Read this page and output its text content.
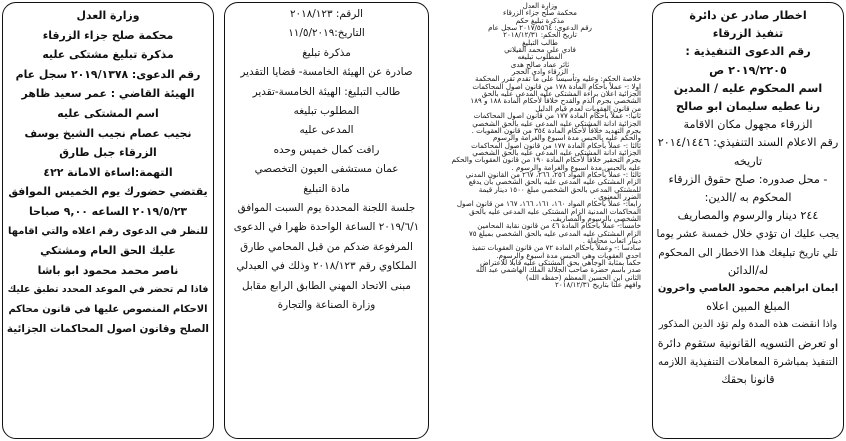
اخطار صادر عن دائرة

تنفيذ الزرقاء

رقم الدعوى التنفيذية :

٢٠١٩/٢٢٠٥ ص

اسم المحكوم عليه / المدين

رنا عطيه سليمان ابو صالح

الزرقاء مجهول مكان الاقامة

رقم الاعلام السند التنفيذي: ٢٠١٤/١٤٤٦

تاريخه

- محل صدوره: صلح حقوق الزرقاء

المحكوم به /الدين:

٢٤٤ دينار والرسوم والمصاريف

يجب عليك ان تؤدي خلال خمسة عشر يوما

تلي تاريخ تبليغك هذا الاخطار الى المحكوم

له/الدائن

ايمان ابراهيم محمود العاصي واخرون

المبلغ المبين اعلاه

واذا انقضت هذه المدة ولم تؤد الدين المذكور

او تعرض التسويه القانونية ستقوم دائرة

التنفيذ بمباشرة المعاملات التنفيذية اللازمه

قانونا بحقك

وزارة العدل

محكمة صلح جزاء الزرقاء

مذكرة تبليغ حكم

رقم الدعوى: ٢٠١٧/٥٥٦٤ سجل عام

تاريخ الحكم: ٢٠١٨/١٢/٣١

طالب التبليغ

فادي علي محمد القيلاني

المطلوب تبليغه

ثائر عماد صالح هدى

الزرقاء وادي الحجر

خلاصة الحكم: وعليه وتأسيسا على ما تقدم تقرر المحكمة

اولا :- عملاً بأحكام المادة ١٧٨ من قانون اصول المحاكمات

الجزائية اعلان براءة المشتكى عليه المدعى عليه بالحق

الشخصي بجرم الذم والقدح خلافاً لأحكام المادة ١٨٨ و ١٨٩

من قانون العقوبات لعدم قيام الدليل

ثانيا:- عملاً بأحكام المادة ١٧٧ من قانون اصول المحاكمات

الجزائية ادانة المشتكى عليه المدعى عليه بالحق الشخصي

بجرم التهديد خلافاً لأحكام المادة ٣٥٤ من قانون العقوبات .

والحكم عليه بالحبس مدة اسبوع والغرامة والرسوم

ثالثا :- عملاً بأحكام المادة ١٧٧ من قانون اصول المحاكمات

الجزائية ادانة المشتكى عليه المدعى عليه بالحق الشخصي

بجرم التحقير خلافاً لأحكام المادة ١٩٠ من قانون العقوبات والحكم

عليه بالحبس مدة اسبوع والغرامة والرسوم .

ثالثا :- عملاً بأحكام المواد ٢٥٦، ٢٦٦، ٢٦٧ من القانون المدني

الزام المشتكى عليه المدعى عليه بالحق الشخصي بأن يدفع

للمشتكي المدعي بالحق الشخصي مبلغ ١٥٠٠ دينار قيمة

الضرر المعنوي .

رابعاً:- عملاً بأحكام المواد ١٦٠، ١٦١، ١٦٦، ١٦٧ من قانون اصول

المحاكمات المدنية الزام المشتكى عليه المدعى عليه بالحق

الشخصي بالرسوم والمصاريف.

خامساً:- عملاً بأحكام المادة ٤٦ من قانون نقابة المحامين

الزام المشتكى عليه المدعى عليه بالحق الشخصي بمبلغ ٧٥

دينار اتعاب محاماة .

سادسا :- وعملاً بأحكام المادة ٧٢ من قانون العقوبات تنفيذ

احدى العقوبات وهي الحبس مدة اسبوع والرسوم.

حكماً بمثابة الوجاهي بحق المشتكى عليه قابلا للاعتراض

صدر باسم حضرة صاحب الجلالة الملك الهاشمي عبد الله

الثاني ابن الحسين المعظم (حفظه الله)

وافهم علنا بتاريخ ٢٠١٨/١٢/٣١

الرقم: ٢٠١٨/١٢٣

التاريخ:١١/٥/٢٠١٩

مذكرة تبليغ

صادرة عن الهيئة الخامسة- قضايا التقدير

طالب التبليغ: الهيئة الخامسة-تقدير

المطلوب تبليغه

المدعى عليه

رافت كمال خميس وحده

عمان مستشفى العيون التخصصي

مادة التبليغ

جلسة اللجنة المحددة يوم السبت الموافق

٢٠١٩/٦/١ الساعة الواحدة ظهرا في الدعوى

المرفوعة ضدكم من قبل المحامي طارق

الملكاوي رقم ٢٠١٨/١٢٣ وذلك في العبدلي

مبنى الاتحاد المهني الطابق الرابع مقابل

وزارة الصناعة والتجارة

وزارة العدل

محكمة صلح جزاء الزرقاء

مذكرة تبليغ مشتكى عليه

رقم الدعوى: ٢٠١٩/١٣٧٨ سجل عام

الهيئة القاضي : عمر سعيد ظاهر

اسم المشتكى عليه

نجيب عصام نجيب الشيخ يوسف

الزرقاء جبل طارق

التهمة:اساءة الامانة ٤٢٢

يقتضي حضورك يوم الخميس الموافق

٢٠١٩/٥/٢٣ الساعه ٩,٠٠ صباحا

للنظر في الدعوى رقم اعلاه والتي اقامها

عليك الحق العام ومشتكي

ناصر محمد محمود ابو باشا

فاذا لم تحضر في الموعد المحدد تطبق عليك

الاحكام المنصوص عليها في قانون محاكم

الصلح وقانون اصول المحاكمات الجزائية
